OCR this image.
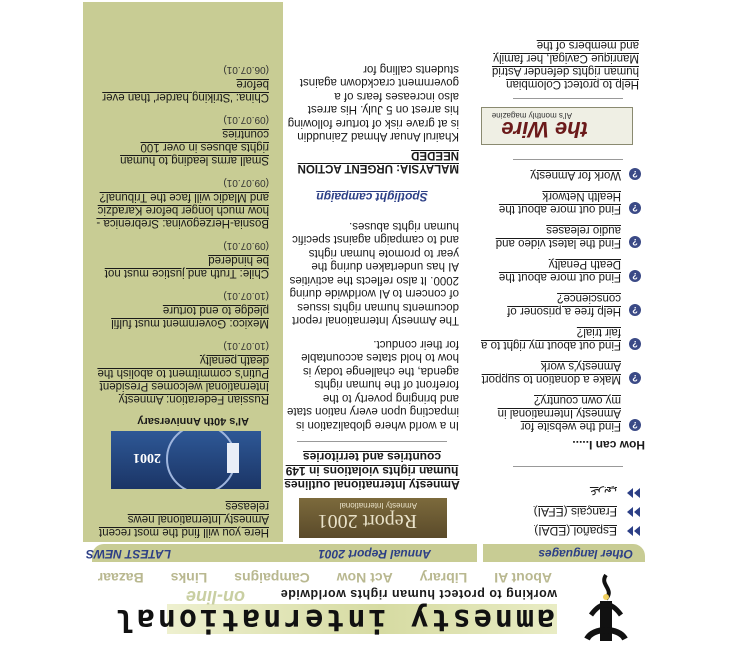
amnesty international
on-line	working to protect human rights worldwide
About AI
Library
Act Now
Campaigns
Links
Bazaar
Other languages
Annual Report 2001
LATEST NEWS
Español (EDAI)
Français (EFAI)
عربي
How can I.....
?
Find the website for Amnesty International in my own country?
?
Make a donation to support Amnesty's work
?
Find out about my right to a fair trial?
?
Help free a prisoner of conscience?
?
Find out more about the Death Penalty
?
Find the latest video and audio releases
?
Find out more about the Health Network
?
Work for Amnesty
the Wire
AI's monthly magazine
Help to protect Colombian human rights defender Astrid Manrique Cavigal, her family and members of the
Report 2001
Amnesty International
Amnesty International outlines human rights violations in 149 countries and territories
In a world where globalization is impacting upon every nation state and bringing poverty to the forefront of the human rights agenda, the challenge today is how to hold states accountable for their conduct.
The Amnesty International report documents human rights issues of concern to AI worldwide during 2000. It also reflects the activities AI has undertaken during the year to promote human rights and to campaign against specific human rights abuses.
Spotlight campaign
MALAYSIA: URGENT ACTION NEEDED
Khairul Anuar Ahmad Zainuddin is at grave risk of torture following his arrest on 5 July. His arrest also increases fears of a government crackdown against students calling for
Here you will find the most recent Amnesty International news releases
2001
AI's 40th Anniversary
Russian Federation: Amnesty International welcomes President Putin's commitment to abolish the death penalty
(10.07.01)
Mexico: Government must fulfil pledge to end torture
(10.07.01)
Chile: Truth and justice must not be hindered
(09.07.01)
Bosnia-Herzegovina: Srebrenica - how much longer before Karadzic and Mladic will face the Tribunal?
(09.07.01)
Small arms leading to human rights abuses in over 100 countries
(09.07.01)
China: 'Striking harder' than ever before
(06.07.01)
